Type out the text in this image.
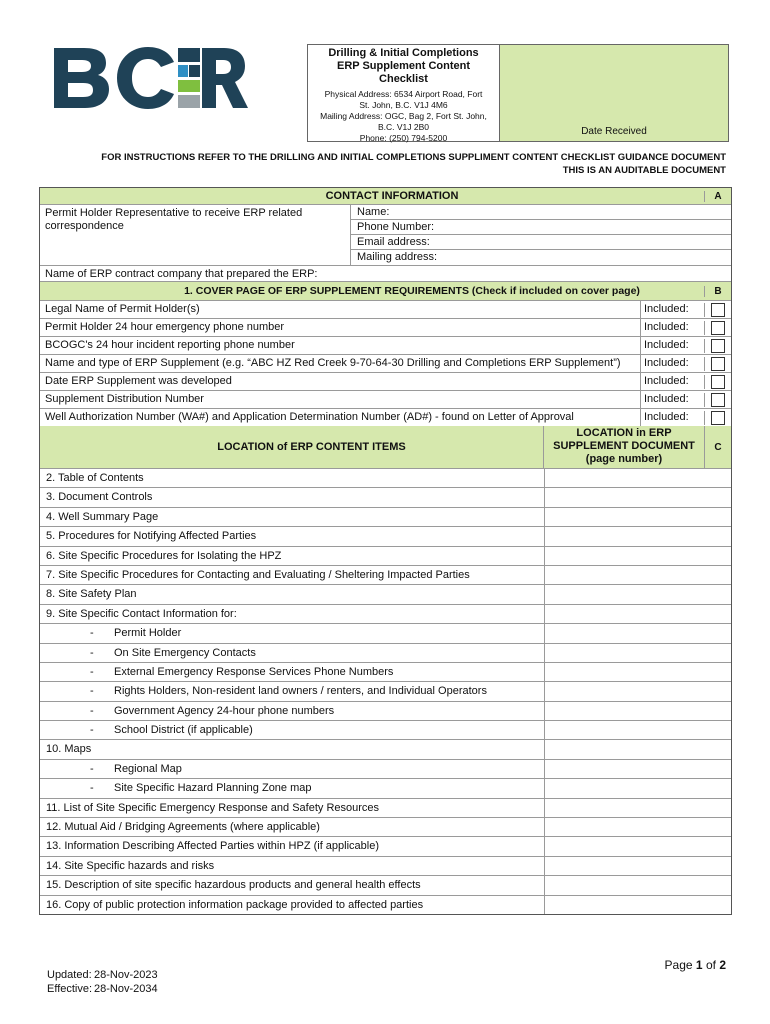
Drilling & Initial Completions ERP Supplement Content Checklist
Physical Address: 6534 Airport Road, Fort St. John, B.C. V1J 4M6
Mailing Address: OGC, Bag 2, Fort St. John, B.C. V1J 2B0
Phone: (250) 794-5200
Date Received
FOR INSTRUCTIONS REFER TO THE DRILLING AND INITIAL COMPLETIONS SUPPLIMENT CONTENT CHECKLIST GUIDANCE DOCUMENT
THIS IS AN AUDITABLE DOCUMENT
CONTACT INFORMATION	A
Permit Holder Representative to receive ERP related correspondence
Name:
Phone Number:
Email address:
Mailing address:
Name of ERP contract company that prepared the ERP:
1. COVER PAGE OF ERP SUPPLEMENT REQUIREMENTS (Check if included on cover page)	B
Legal Name of Permit Holder(s)	Included:
Permit Holder 24 hour emergency phone number	Included:
BCOGC's 24 hour incident reporting phone number	Included:
Name and type of ERP Supplement (e.g. “ABC HZ Red Creek 9-70-64-30 Drilling and Completions ERP Supplement”)	Included:
Date ERP Supplement was developed	Included:
Supplement Distribution Number	Included:
Well Authorization Number (WA#) and Application Determination Number (AD#) - found on Letter of Approval	Included:
LOCATION of ERP CONTENT ITEMS
LOCATION in ERP SUPPLEMENT DOCUMENT (page number)
C
2. Table of Contents
3. Document Controls
4. Well Summary Page
5. Procedures for Notifying Affected Parties
6. Site Specific Procedures for Isolating the HPZ
7. Site Specific Procedures for Contacting and Evaluating / Sheltering Impacted Parties
8. Site Safety Plan
9. Site Specific Contact Information for:
- Permit Holder
- On Site Emergency Contacts
- External Emergency Response Services Phone Numbers
- Rights Holders, Non-resident land owners / renters, and Individual Operators
- Government Agency 24-hour phone numbers
- School District (if applicable)
10. Maps
- Regional Map
- Site Specific Hazard Planning Zone map
11. List of Site Specific Emergency Response and Safety Resources
12. Mutual Aid / Bridging Agreements (where applicable)
13. Information Describing Affected Parties within HPZ (if applicable)
14. Site Specific hazards and risks
15. Description of site specific hazardous products and general health effects
16. Copy of public protection information package provided to affected parties
Page 1 of 2
Updated: 28-Nov-2023
Effective: 28-Nov-2034
